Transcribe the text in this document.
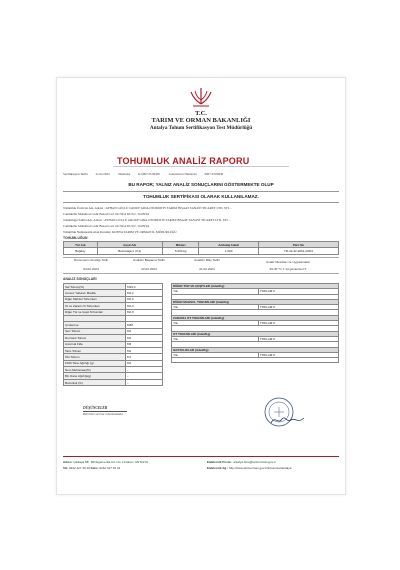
T.C.
TARIM VE ORMAN BAKANLIĞI
Antalya Tohum Sertifikasyon Test Müdürlüğü
TOHUMLUK ANALİZ RAPORU
Sertifikasyon Tarihi	21.02.2024	Numarası	K.0007.23.00430	Laboratuvar Numarası	0007.23.00430
BU RAPOR; YALNIZ ANALİZ SONUÇLARINI GÖSTERMEKTE OLUP
TOHUMLUK SERTİFİKASI OLARAK KULLANILAMAZ.
Tohumluk Üreticisi Adı, Adresi : AYHAN GÜÇLÜ GROUP GIDA OTOMOTİV TARIM İNŞAAT SANAYİ TİCARET LTD. ŞTİ. –
Camiikebir Mahallesi Cadir Bazari Cad. No:56/A KULU / KONYA
Tohumluğu Sahibi Adı, Adresi : AYHAN GÜÇLÜ GROUP GIDA OTOMOTİV TARIM İNŞAAT SANAYİ TİCARET LTD. ŞTİ. –
Camiikebir Mahallesi Cadir Bazari Cad. No:56/A KULU / KONYA
Tohumluk Numunesini Alan Kuruluş: KONYA TARIM VE ORMAN İL MÜDÜRLÜĞÜ
TOHUMLUĞUN
Tür Adı	Çeşit Adı	Miktarı	Ambalaj Adedi	Parti No
Buğday	Bezostaja-1 (II-1)	5.000 kg	1.000	TR-42-32-2001-23/03
Numunenin Alındığı Tarih
04.02.2024
Analizin Başlama Tarihi
22.02.2024
Analizin Bitiş Tarihi
21.02.2024
Analiz Metotları ve Uygulamalar
20-30 °C 7-14 günlerde KT
ANALİZ SONUÇLARI
Saf Tohum(%)	%99,0
Cansız Yabancı Madde	%0,2
Diğer Mahsul Tohumları	%0,0
Ot ve Zararlı Ot Tohumları	%0,0
Diğer Tür ve Çeşit Tohumları	%0,0

Çimlenme	%88
Sert Tohum	%0
Dormant Tohum	%0
Anormal Fide	%5
Taze Tohum	%0
Ölü Tohum	%7
1000 Tane Ağırlığı (g)	%0
Nem Muhtevası(%)	–
Bin Dane Ağırlığı(g)	–
Bozunluk (%)	–
DİĞER TÜR VE ÇEŞİTLER (Adet/Kg)	
Yok	TOPLAM:0

DİĞER MAHSUL TOHUMLARI (Adet/Kg)	
Yok	TOPLAM:0

ZARARLI OT TOHUMLARI (Adet/Kg)	
Yok	TOPLAM:0

OT TOHUMLARI (Adet/Kg)	
Yok	TOPLAM:0

HASTALIKLAR (Adet/Kg)	
Yok	TOPLAM:0

DÜŞÜNCELER
Belirtilen sınırlar tohumluktadır.
Adres: Çalkaya Mh. Mili Egemenlik Cd. No: 10 Aksu / ANTALYA
Tel: 0242 427 40 40 Faks: 0242 427 45 44
Elektronik Posta : antalya.tstm@tarimorman.gov.tr
Elektronik Ağ : http://www.tarimorman.gov.tr/tohumtest/antalya
